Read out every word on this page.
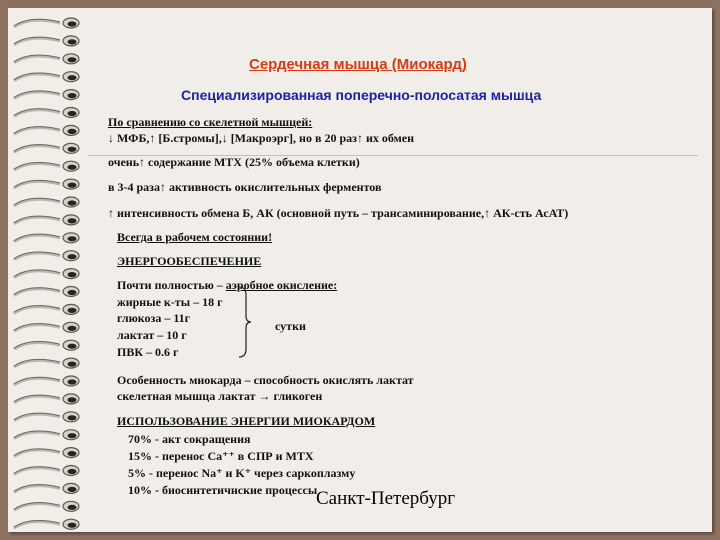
Сердечная мышца (Миокард)
Специализированная поперечно-полосатая мышца
По сравнению со скелетной мышцей:
↓ МФБ,↑ [Б.стромы],↓ [Макроэрг], но в 20 раз↑ их обмен
очень↑ содержание МТХ (25% объема клетки)
в 3-4 раза↑ активность окислительных ферментов
↑ интенсивность обмена Б, АК (основной путь – трансаминирование,↑ АК-сть АсАТ)
Всегда в рабочем состоянии!
ЭНЕРГООБЕСПЕЧЕНИЕ
Почти полностью – аэробное окисление:
жирные к-ты – 18 г
глюкоза – 11г
лактат – 10 г
ПВК – 0.6 г
сутки
Особенность миокарда – способность окислять лактат
скелетная мышца лактат → гликоген
ИСПОЛЬЗОВАНИЕ ЭНЕРГИИ МИОКАРДОМ
70% - акт сокращения
15% - перенос Ca⁺⁺ в СПР и МТХ
5% - перенос Na⁺ и K⁺ через саркоплазму
10% - биосинтетичнские процессы
Санкт-Петербург
